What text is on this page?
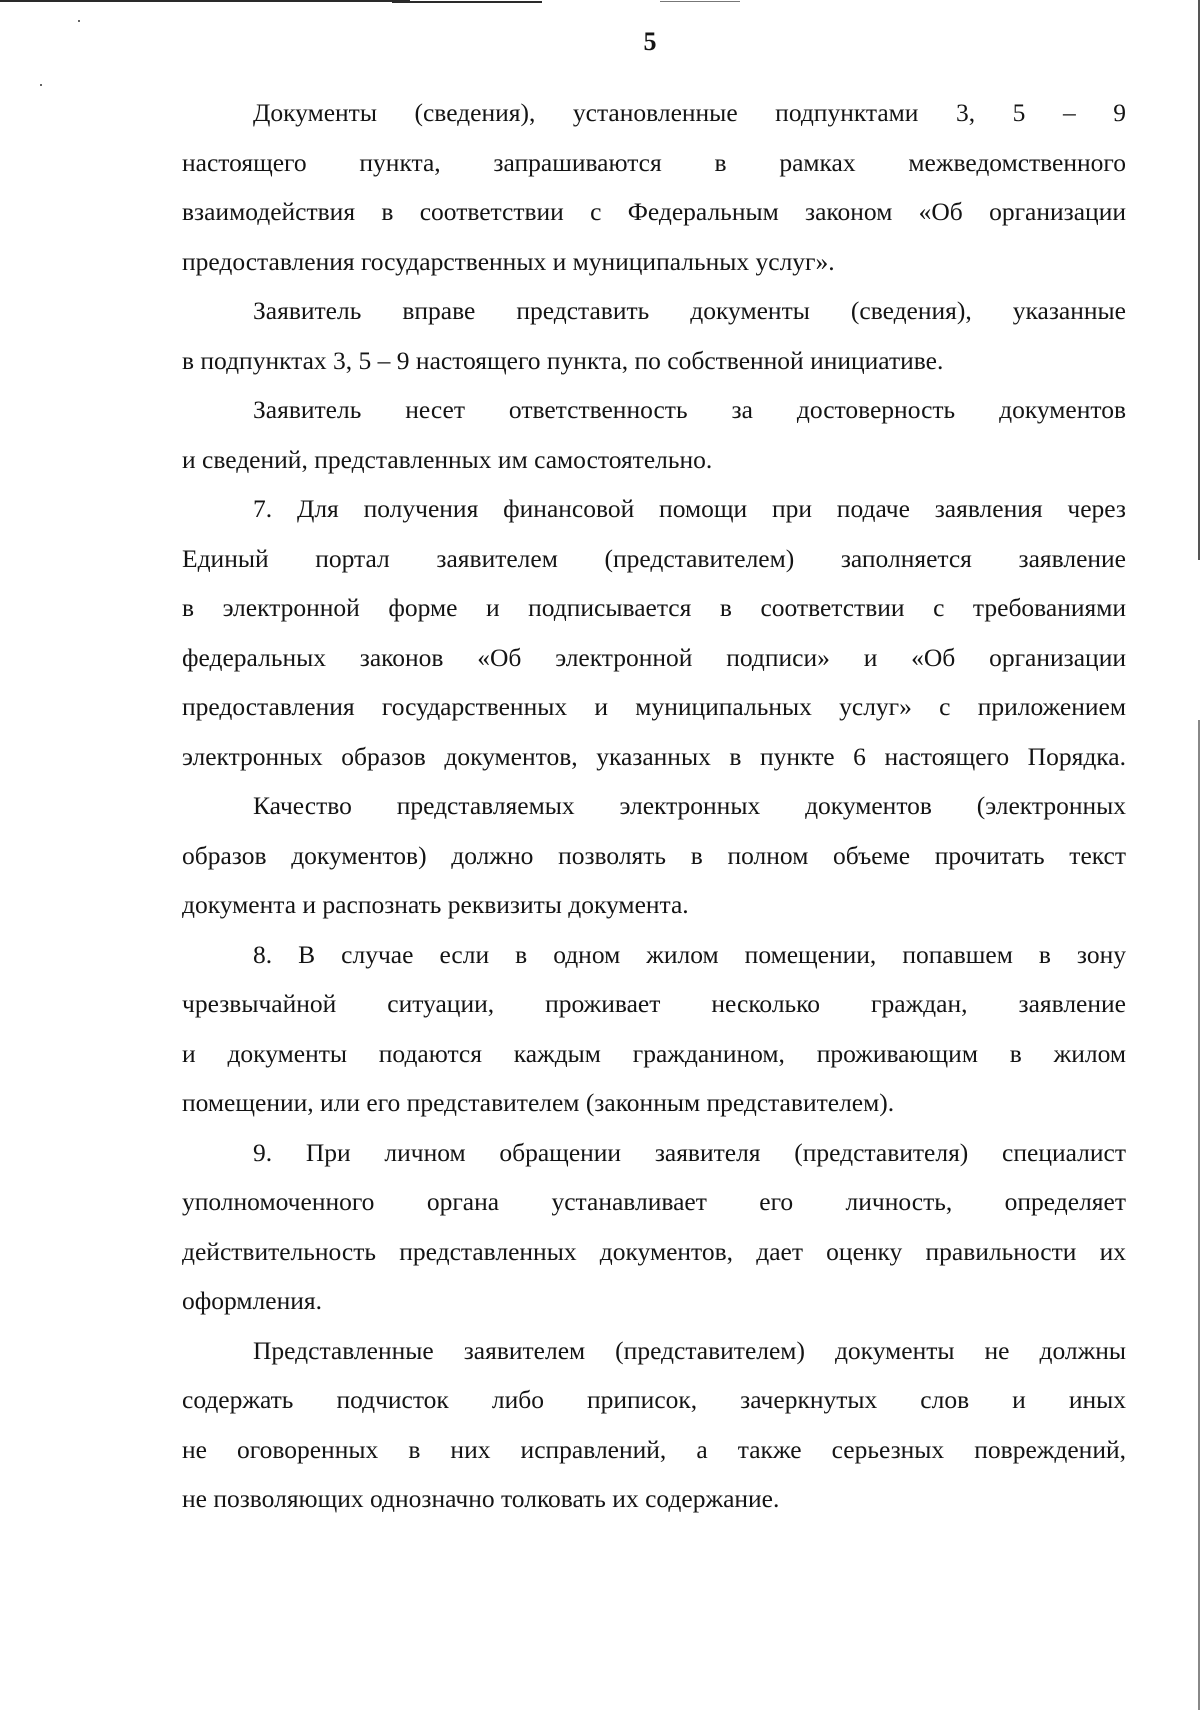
5

Документы (сведения), установленные подпунктами 3, 5 – 9
настоящего пункта, запрашиваются в рамках межведомственного
взаимодействия в соответствии с Федеральным законом «Об организации
предоставления государственных и муниципальных услуг».

Заявитель вправе представить документы (сведения), указанные
в подпунктах 3, 5 – 9 настоящего пункта, по собственной инициативе.

Заявитель несет ответственность за достоверность документов
и сведений, представленных им самостоятельно.

7. Для получения финансовой помощи при подаче заявления через
Единый портал заявителем (представителем) заполняется заявление
в электронной форме и подписывается в соответствии с требованиями
федеральных законов «Об электронной подписи» и «Об организации
предоставления государственных и муниципальных услуг» с приложением
электронных образов документов, указанных в пункте 6 настоящего Порядка.

Качество представляемых электронных документов (электронных
образов документов) должно позволять в полном объеме прочитать текст
документа и распознать реквизиты документа.

8. В случае если в одном жилом помещении, попавшем в зону
чрезвычайной ситуации, проживает несколько граждан, заявление
и документы подаются каждым гражданином, проживающим в жилом
помещении, или его представителем (законным представителем).

9. При личном обращении заявителя (представителя) специалист
уполномоченного органа устанавливает его личность, определяет
действительность представленных документов, дает оценку правильности их
оформления.

Представленные заявителем (представителем) документы не должны
содержать подчисток либо приписок, зачеркнутых слов и иных
не оговоренных в них исправлений, а также серьезных повреждений,
не позволяющих однозначно толковать их содержание.
